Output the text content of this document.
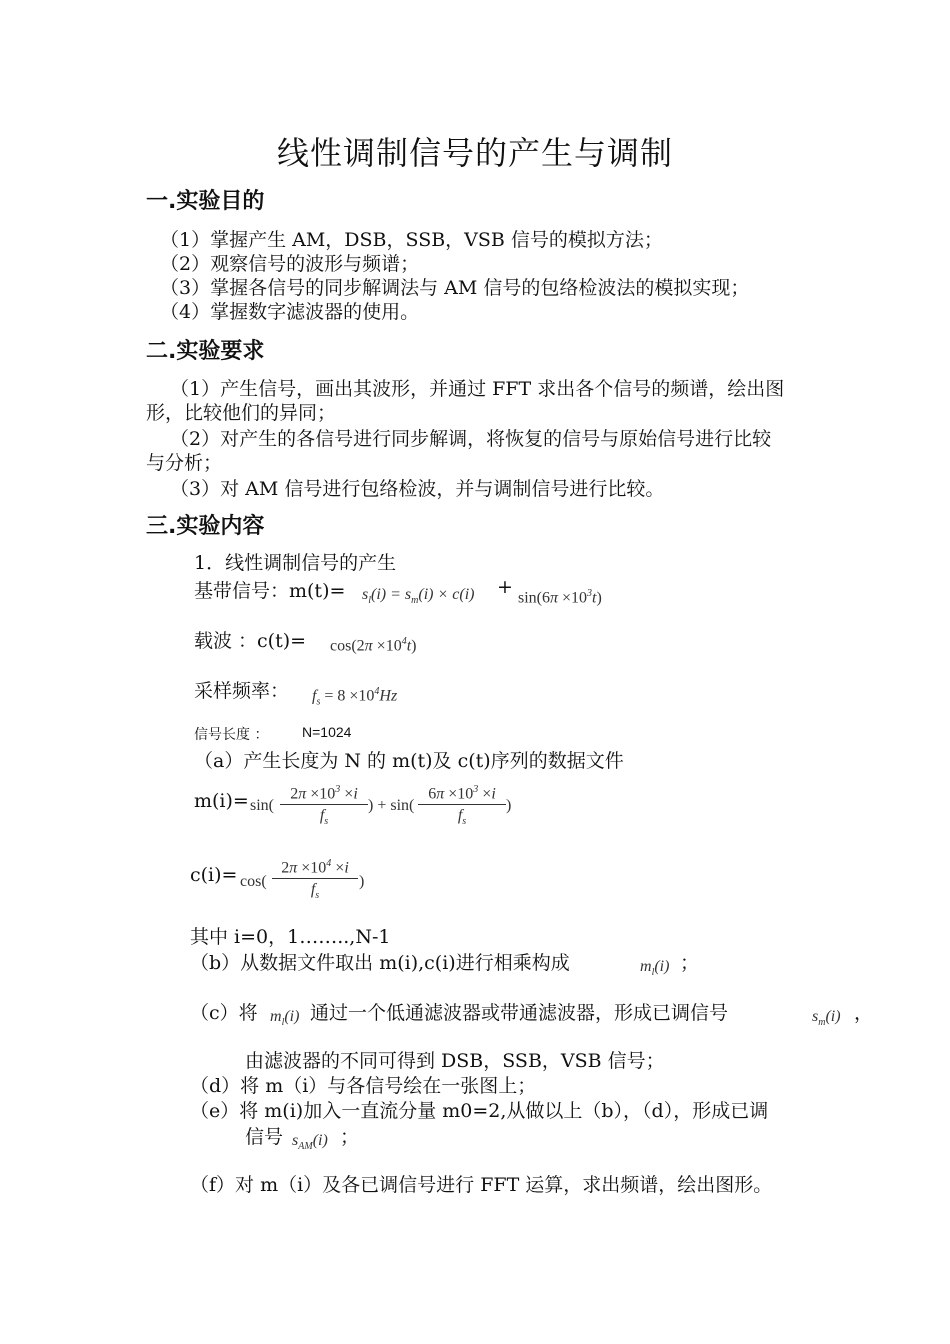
线性调制信号的产生与调制
一.实验目的
（1）掌握产生 AM，DSB，SSB，VSB 信号的模拟方法；
（2）观察信号的波形与频谱；
（3）掌握各信号的同步解调法与 AM 信号的包络检波法的模拟实现；
（4）掌握数字滤波器的使用。
二.实验要求
（1）产生信号，画出其波形，并通过 FFT 求出各个信号的频谱，绘出图
形，比较他们的异同；
（2）对产生的各信号进行同步解调，将恢复的信号与原始信号进行比较
与分析；
（3）对 AM 信号进行包络检波，并与调制信号进行比较。
三.实验内容
1．线性调制信号的产生
基带信号：$m(t)= s_l(i) = s_m(i) \times c(i) + \sin(6\pi \times 10^3t)$
载波 ：$c(t)= \cos(2\pi \times 10^4t)$
采样频率： $f_s = 8 \times 10^4Hz$
信号长度 ： N=1024
（a）产生长度为 N 的 m(t)及 c(t)序列的数据文件
$m(i)= \sin( \frac{2\pi \times 10^3 \times i}{f_s}$ ) + $\sin( \frac{6\pi \times 10^3 \times i}{f_s}$ )
$c(i)= \cos( \frac{2\pi \times 10^4 \times i}{f_s}$ )
其中 i=0，1……..,N-1
（b）从数据文件取出 m(i),c(i)进行相乘构成	$m_l(i)$ ；
（c）将 $m_l(i)$ 通过一个低通滤波器或带通滤波器，形成已调信号	$s_m(i)$ ，
由滤波器的不同可得到 DSB，SSB，VSB 信号；
（d）将 m（i）与各信号绘在一张图上；
（e）将 m(i)加入一直流分量 m0=2,从做以上（b），（d），形成已调
信号 $s_{AM}(i)$ ；
（f）对 m（i）及各已调信号进行 FFT 运算，求出频谱，绘出图形。
